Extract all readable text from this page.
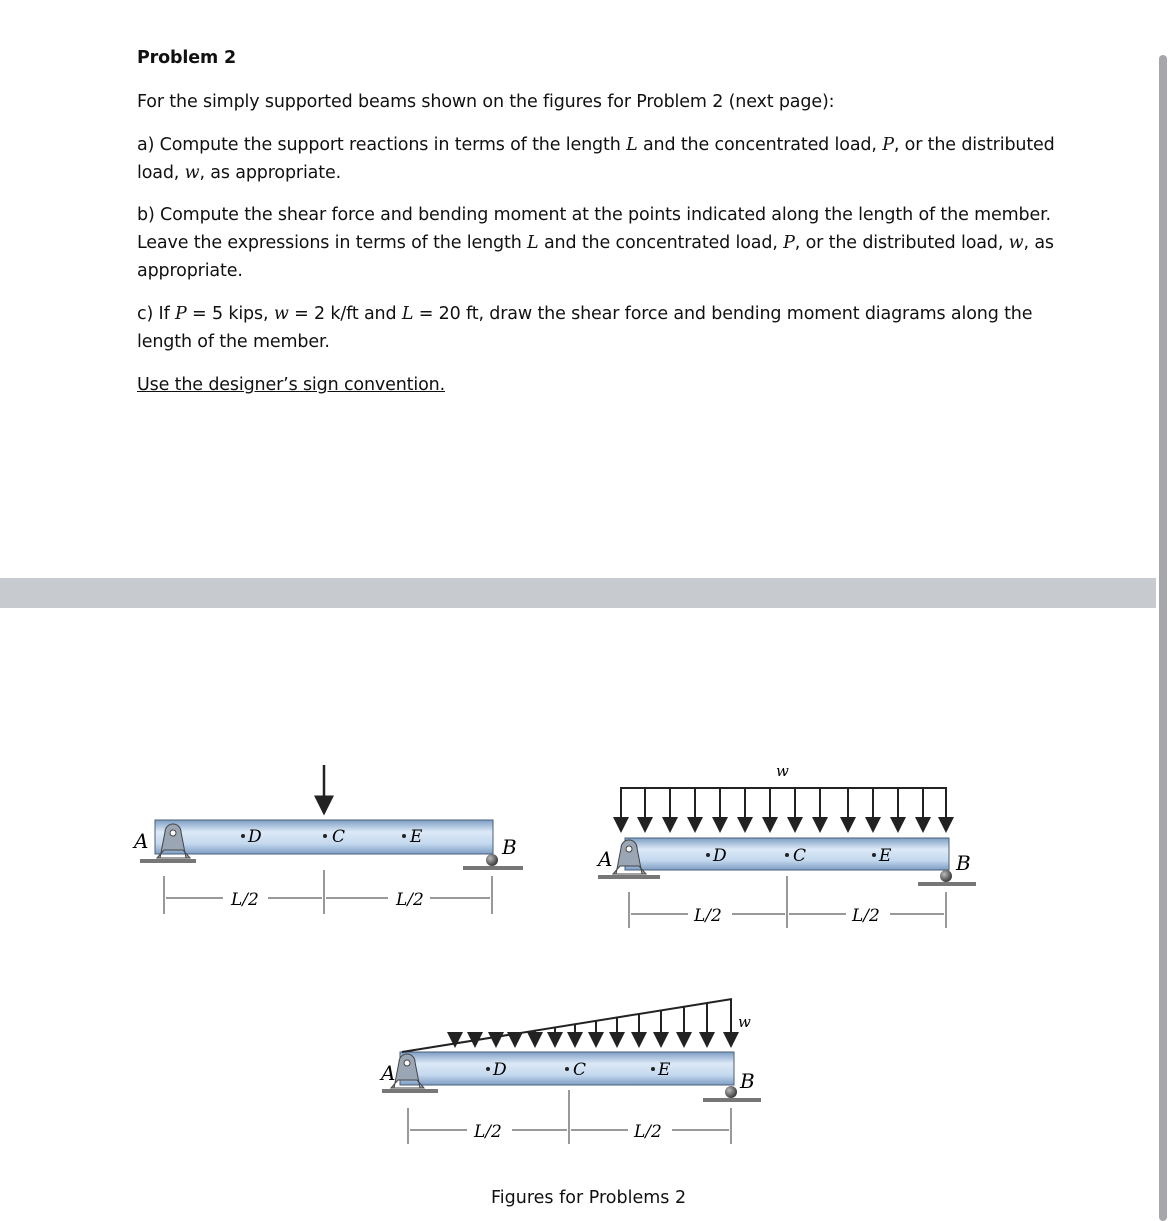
Problem 2
For the simply supported beams shown on the figures for Problem 2 (next page):
a) Compute the support reactions in terms of the length L and the concentrated load, P, or the distributed load, w, as appropriate.
b) Compute the shear force and bending moment at the points indicated along the length of the member. Leave the expressions in terms of the length L and the concentrated load, P, or the distributed load, w, as appropriate.
c) If P = 5 kips, w = 2 k/ft and L = 20 ft, draw the shear force and bending moment diagrams along the length of the member.
Use the designer’s sign convention.
A	B
D	C	E
L/2	L/2
w
A	B
D	C	E
L/2	L/2
w
A	B
D	C	E
L/2	L/2
Figures for Problems 2
